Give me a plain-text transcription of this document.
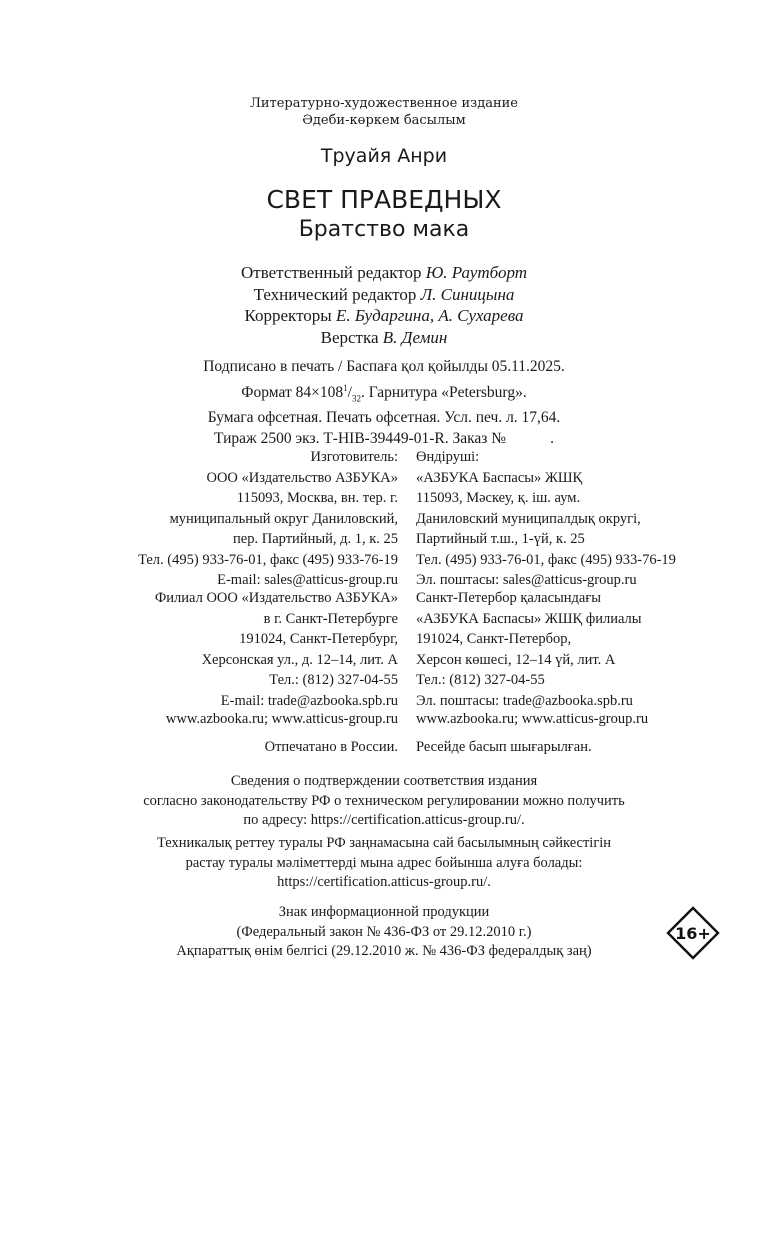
Литературно-художественное издание
Әдеби-көркем басылым
Труайя Анри
СВЕТ ПРАВЕДНЫХ
Братство мака
Ответственный редактор Ю. Раутборт
Технический редактор Л. Синицына
Корректоры Е. Бударгина, А. Сухарева
Верстка В. Демин
Подписано в печать / Баспаға қол қойылды 05.11.2025.
Формат $84\times 108^1/_{32}$. Гарнитура «Petersburg».
Бумага офсетная. Печать офсетная. Усл. печ. л. 17,64.
Тираж 2500 экз. Т-HIB-39449-01-R. Заказ №	.
Изготовитель:
ООО «Издательство АЗБУКА»
115093, Москва, вн. тер. г.
муниципальный округ Даниловский,
пер. Партийный, д. 1, к. 25
Тел. (495) 933-76-01, факс (495) 933-76-19
E-mail: sales@atticus-group.ru
Өндіруші:
«АЗБУКА Баспасы» ЖШҚ
115093, Мәскеу, қ. іш. аум.
Даниловский муниципалдық округі,
Партийный т.ш., 1-үй, к. 25
Тел. (495) 933-76-01, факс (495) 933-76-19
Эл. поштасы: sales@atticus-group.ru
Филиал ООО «Издательство АЗБУКА»
в г. Санкт-Петербурге
191024, Санкт-Петербург,
Херсонская ул., д. 12–14, лит. А
Тел.: (812) 327-04-55
E-mail: trade@azbooka.spb.ru
Санкт-Петербор қаласындағы
«АЗБУКА Баспасы» ЖШҚ филиалы
191024, Санкт-Петербор,
Херсон көшесі, 12–14 үй, лит. А
Тел.: (812) 327-04-55
Эл. поштасы: trade@azbooka.spb.ru
www.azbooka.ru; www.atticus-group.ru www.azbooka.ru; www.atticus-group.ru
Отпечатано в России. Ресейде басып шығарылған.
Сведения о подтверждении соответствия издания
согласно законодательству РФ о техническом регулировании можно получить
по адресу: https://certification.atticus-group.ru/.
Техникалық реттеу туралы РФ заңнамасына сай басылымның сәйкестігін
растау туралы мәліметтерді мына адрес бойынша алуға болады:
https://certification.atticus-group.ru/.
Знак информационной продукции
(Федеральный закон № 436-ФЗ от 29.12.2010 г.)
Ақпараттық өнім белгісі (29.12.2010 ж. № 436-ФЗ федералдық заң)
16+
